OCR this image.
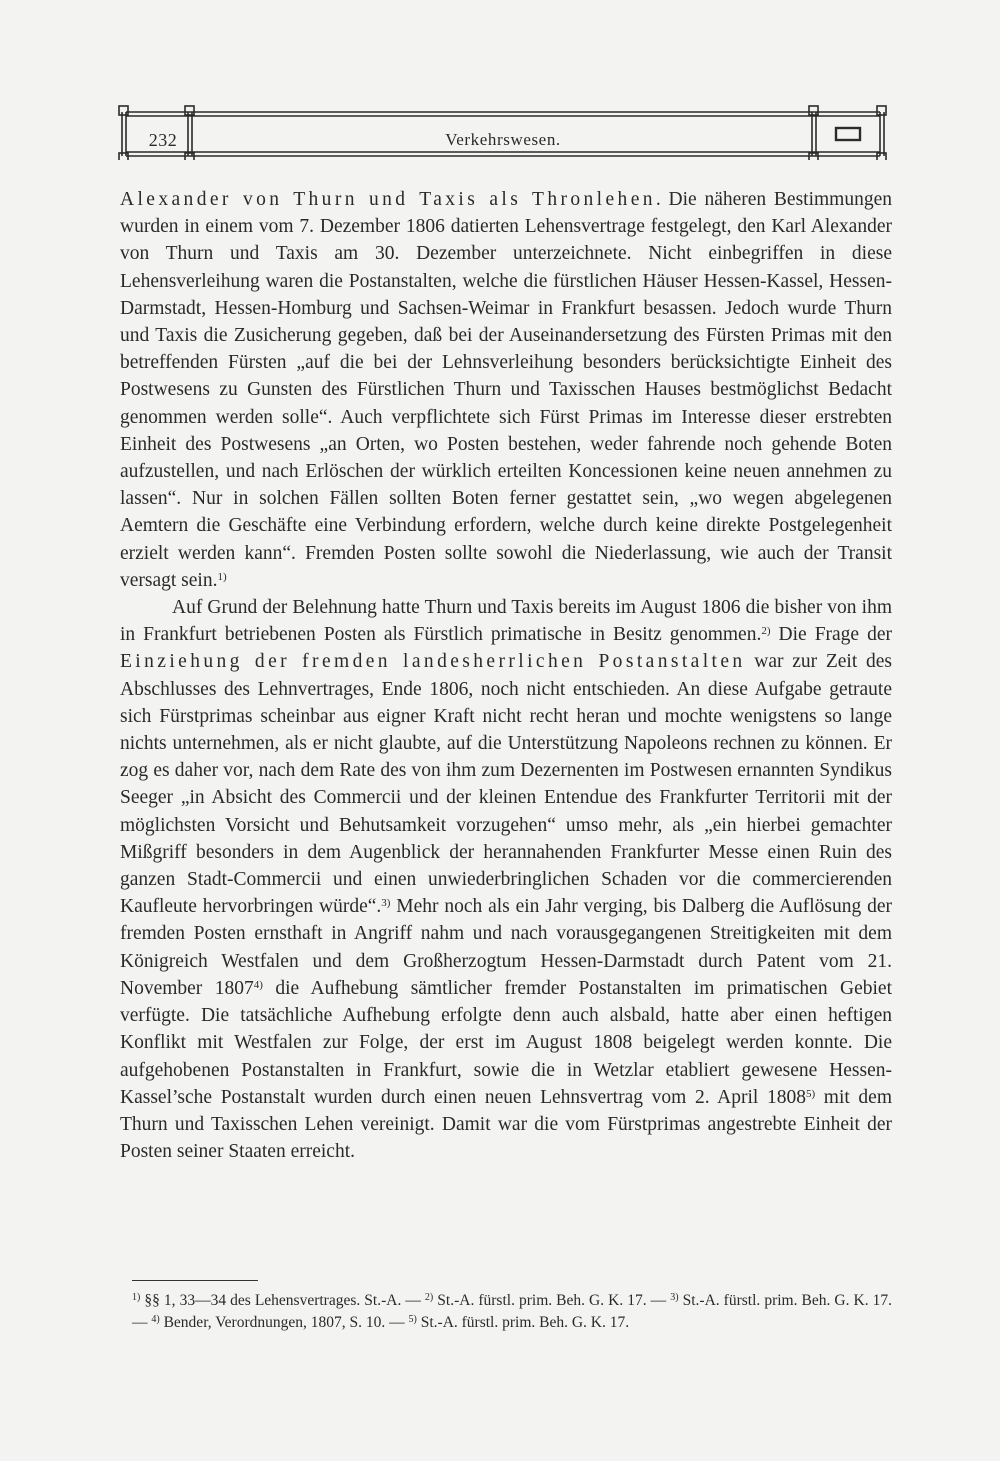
232	Verkehrswesen.

Alexander von Thurn und Taxis als Thronlehen. Die näheren Bestimmungen wurden in einem vom 7. Dezember 1806 datierten Lehensvertrage festgelegt, den Karl Alexander von Thurn und Taxis am 30. Dezember unterzeichnete. Nicht einbegriffen in diese Lehensverleihung waren die Postanstalten, welche die fürstlichen Häuser Hessen-Kassel, Hessen-Darmstadt, Hessen-Homburg und Sachsen-Weimar in Frankfurt besassen. Jedoch wurde Thurn und Taxis die Zusicherung gegeben, daß bei der Auseinandersetzung des Fürsten Primas mit den betreffenden Fürsten „auf die bei der Lehnsverleihung besonders berücksichtigte Einheit des Postwesens zu Gunsten des Fürstlichen Thurn und Taxisschen Hauses bestmöglichst Bedacht genommen werden solle“. Auch verpflichtete sich Fürst Primas im Interesse dieser erstrebten Einheit des Postwesens „an Orten, wo Posten bestehen, weder fahrende noch gehende Boten aufzustellen, und nach Erlöschen der würklich erteilten Koncessionen keine neuen annehmen zu lassen“. Nur in solchen Fällen sollten Boten ferner gestattet sein, „wo wegen abgelegenen Aemtern die Geschäfte eine Verbindung erfordern, welche durch keine direkte Postgelegenheit erzielt werden kann“. Fremden Posten sollte sowohl die Niederlassung, wie auch der Transit versagt sein.$^{1)}$

Auf Grund der Belehnung hatte Thurn und Taxis bereits im August 1806 die bisher von ihm in Frankfurt betriebenen Posten als Fürstlich primatische in Besitz genommen.$^{2)}$ Die Frage der Einziehung der fremden landesherrlichen Postanstalten war zur Zeit des Abschlusses des Lehnvertrages, Ende 1806, noch nicht entschieden. An diese Aufgabe getraute sich Fürstprimas scheinbar aus eigner Kraft nicht recht heran und mochte wenigstens so lange nichts unternehmen, als er nicht glaubte, auf die Unterstützung Napoleons rechnen zu können. Er zog es daher vor, nach dem Rate des von ihm zum Dezernenten im Postwesen ernannten Syndikus Seeger „in Absicht des Commercii und der kleinen Entendue des Frankfurter Territorii mit der möglichsten Vorsicht und Behutsamkeit vorzugehen“ umso mehr, als „ein hierbei gemachter Mißgriff besonders in dem Augenblick der herannahenden Frankfurter Messe einen Ruin des ganzen Stadt-Commercii und einen unwiederbringlichen Schaden vor die commercierenden Kaufleute hervorbringen würde“.$^{3)}$ Mehr noch als ein Jahr verging, bis Dalberg die Auflösung der fremden Posten ernsthaft in Angriff nahm und nach vorausgegangenen Streitigkeiten mit dem Königreich Westfalen und dem Großherzogtum Hessen-Darmstadt durch Patent vom 21. November 1807$^{4)}$ die Aufhebung sämtlicher fremder Postanstalten im primatischen Gebiet verfügte. Die tatsächliche Aufhebung erfolgte denn auch alsbald, hatte aber einen heftigen Konflikt mit Westfalen zur Folge, der erst im August 1808 beigelegt werden konnte. Die aufgehobenen Postanstalten in Frankfurt, sowie die in Wetzlar etabliert gewesene Hessen-Kassel’sche Postanstalt wurden durch einen neuen Lehnsvertrag vom 2. April 1808$^{5)}$ mit dem Thurn und Taxisschen Lehen vereinigt. Damit war die vom Fürstprimas angestrebte Einheit der Posten seiner Staaten erreicht.

$^{1)}$ §§ 1, 33—34 des Lehensvertrages. St.-A. — $^{2)}$ St.-A. fürstl. prim. Beh. G. K. 17. — $^{3)}$ St.-A. fürstl. prim. Beh. G. K. 17. — $^{4)}$ Bender, Verordnungen, 1807, S. 10. — $^{5)}$ St.-A. fürstl. prim. Beh. G. K. 17.
